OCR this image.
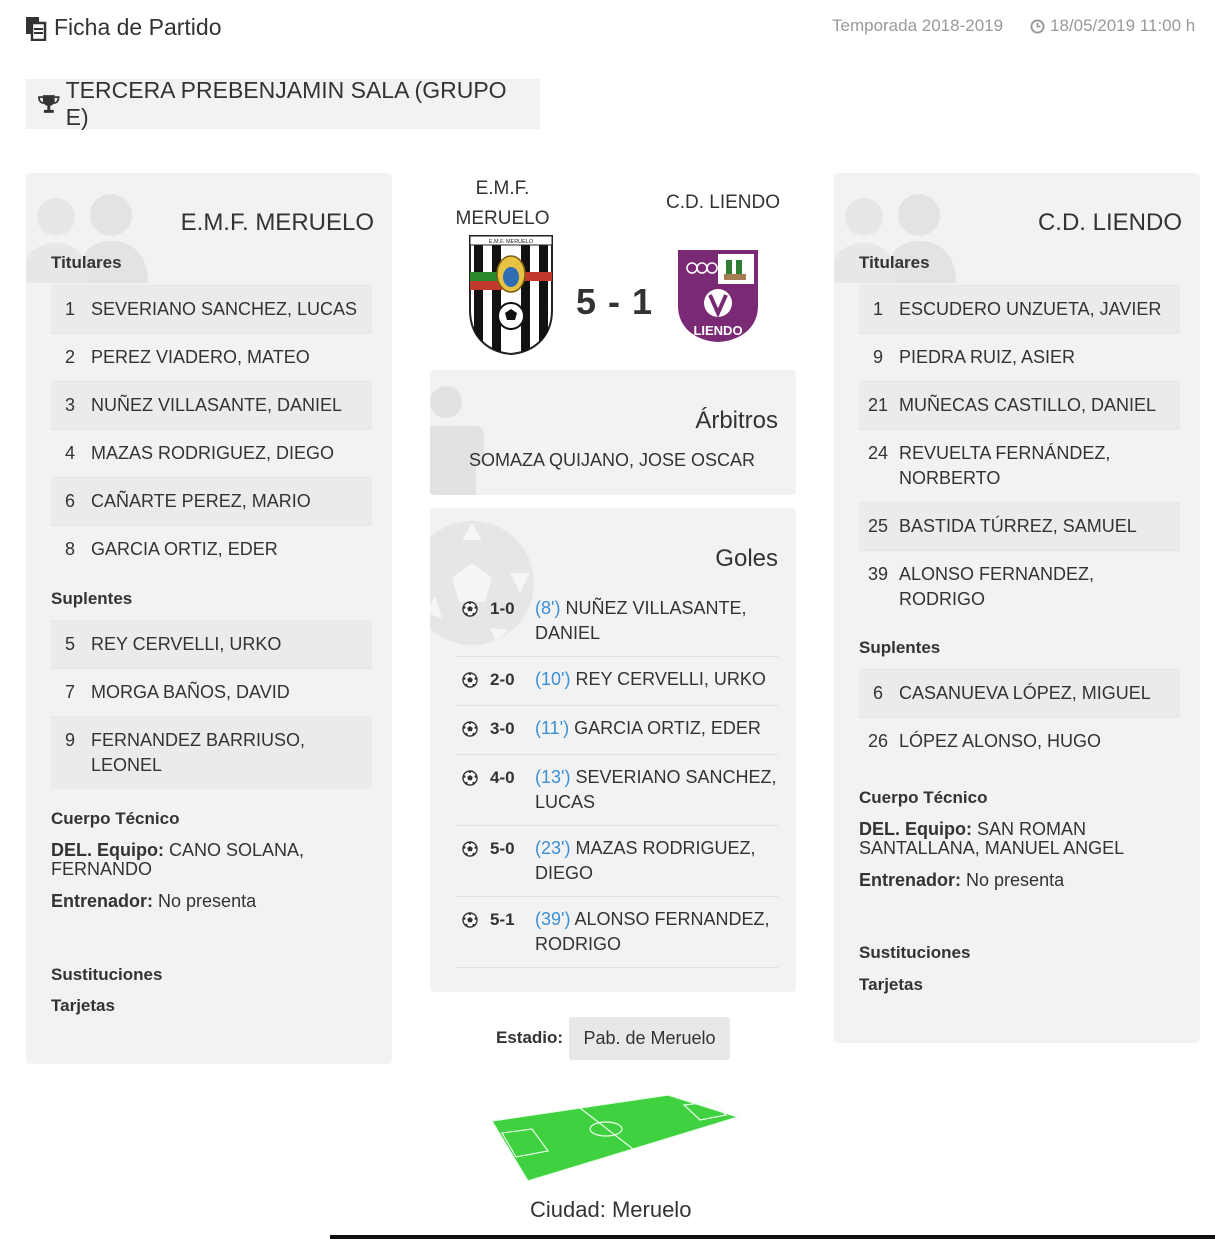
Ficha de Partido	Temporada 2018-2019	18/05/2019 11:00 h
TERCERA PREBENJAMIN SALA (GRUPO E)
E.M.F. MERUELO
Titulares
1 SEVERIANO SANCHEZ, LUCAS
2 PEREZ VIADERO, MATEO
3 NUÑEZ VILLASANTE, DANIEL
4 MAZAS RODRIGUEZ, DIEGO
6 CAÑARTE PEREZ, MARIO
8 GARCIA ORTIZ, EDER
Suplentes
5 REY CERVELLI, URKO
7 MORGA BAÑOS, DAVID
9 FERNANDEZ BARRIUSO, LEONEL
Cuerpo Técnico
DEL. Equipo: CANO SOLANA, FERNANDO
Entrenador: No presenta
Sustituciones
Tarjetas
C.D. LIENDO
Titulares
1 ESCUDERO UNZUETA, JAVIER
9 PIEDRA RUIZ, ASIER
21 MUÑECAS CASTILLO, DANIEL
24 REVUELTA FERNÁNDEZ, NORBERTO
25 BASTIDA TÚRREZ, SAMUEL
39 ALONSO FERNANDEZ, RODRIGO
Suplentes
6 CASANUEVA LÓPEZ, MIGUEL
26 LÓPEZ ALONSO, HUGO
Cuerpo Técnico
DEL. Equipo: SAN ROMAN SANTALLANA, MANUEL ANGEL
Entrenador: No presenta
Sustituciones
Tarjetas
E.M.F.
MERUELO
C.D. LIENDO
E.M.F. MERUELO
LIENDO
5 - 1
Árbitros
SOMAZA QUIJANO, JOSE OSCAR
Goles
1-0	(8') NUÑEZ VILLASANTE, DANIEL
2-0	(10') REY CERVELLI, URKO
3-0	(11') GARCIA ORTIZ, EDER
4-0	(13') SEVERIANO SANCHEZ, LUCAS
5-0	(23') MAZAS RODRIGUEZ, DIEGO
5-1	(39') ALONSO FERNANDEZ, RODRIGO
Estadio:	Pab. de Meruelo
Ciudad: Meruelo
